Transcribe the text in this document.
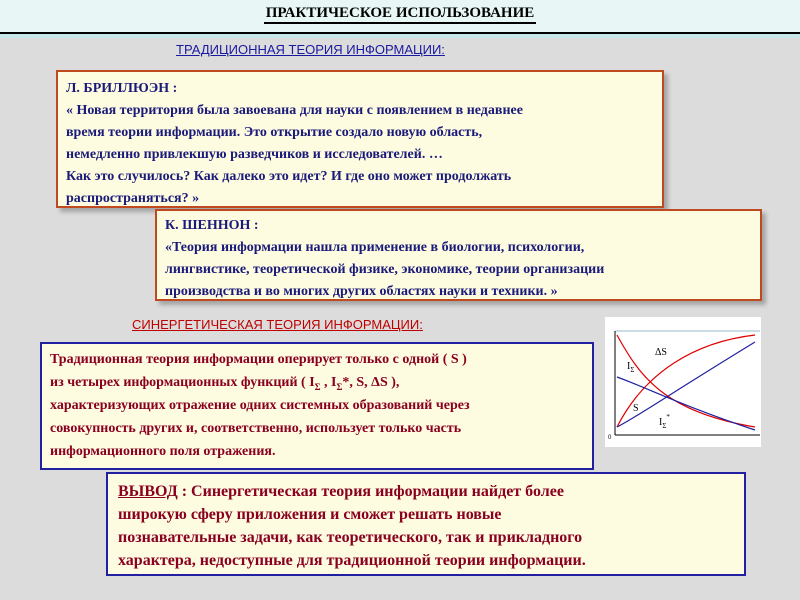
ПРАКТИЧЕСКОЕ ИСПОЛЬЗОВАНИЕ
ТРАДИЦИОННАЯ ТЕОРИЯ ИНФОРМАЦИИ:
Л. БРИЛЛЮЭН :
« Новая территория была завоевана для науки с появлением в недавнее
время теории информации. Это открытие создало новую область,
немедленно привлекшую разведчиков и исследователей. …
Как это случилось? Как далеко это идет? И где оно может продолжать
распространяться? »
К. ШЕННОН :
«Теория информации нашла применение в биологии, психологии,
лингвистике, теоретической физике, экономике, теории организации
производства и во многих других областях науки и техники. »
СИНЕРГЕТИЧЕСКАЯ ТЕОРИЯ ИНФОРМАЦИИ:
ΔS
$I_\Sigma$
S
$I_\Sigma^*$
0
Традиционная теория информации оперирует только с одной ( S )
из четырех информационных функций ( $I_\Sigma$ , $I_\Sigma*$, S, ΔS ),
характеризующих отражение одних системных образований через
совокупность других и, соответственно, использует только часть
информационного поля отражения.
ВЫВОД : Синергетическая теория информации найдет более
широкую сферу приложения и сможет решать новые
познавательные задачи, как теоретического, так и прикладного
характера, недоступные для традиционной теории информации.
